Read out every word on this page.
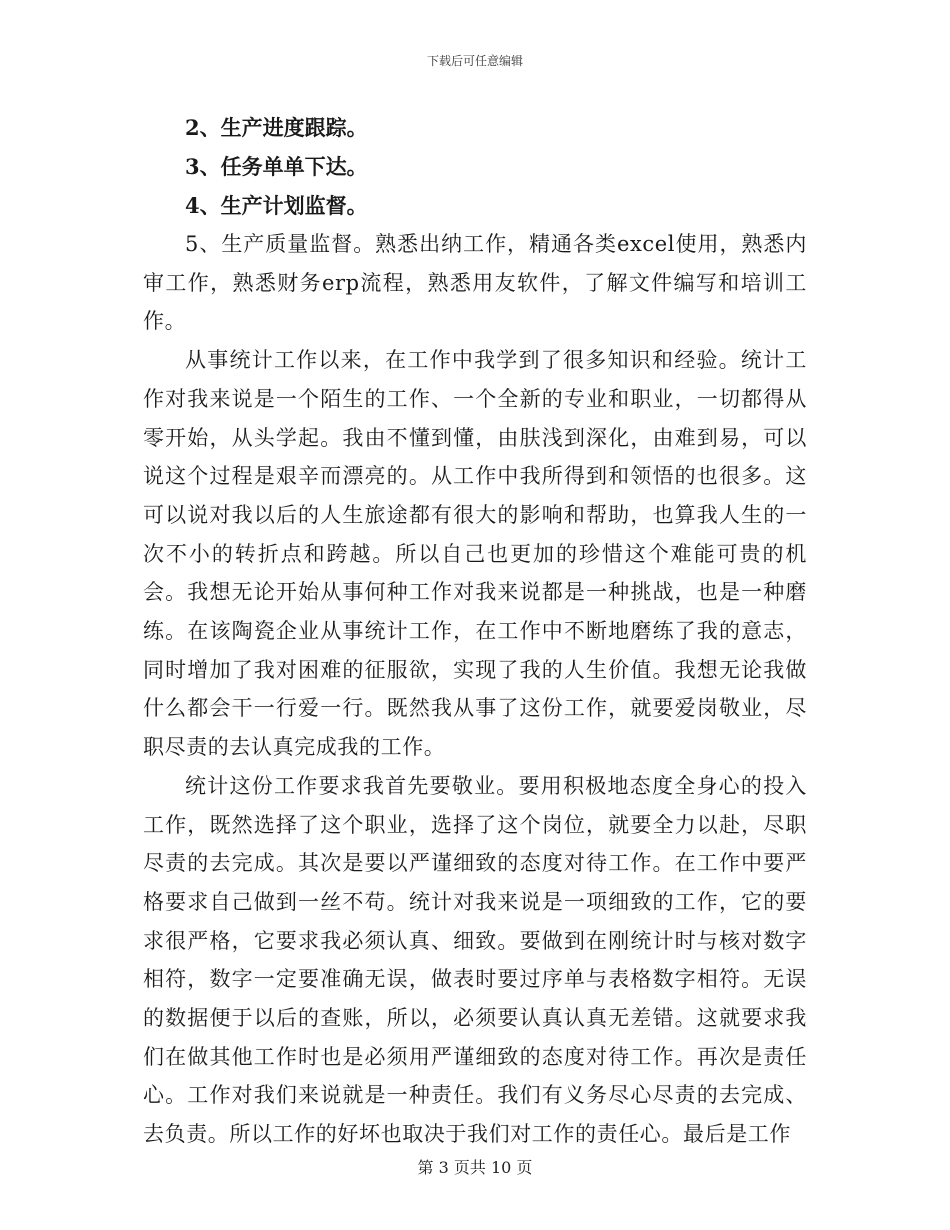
下载后可任意编辑

2、生产进度跟踪。

3、任务单单下达。

4、生产计划监督。

5、生产质量监督。熟悉出纳工作，精通各类excel使用，熟悉内审工作，熟悉财务erp流程，熟悉用友软件，了解文件编写和培训工作。

从事统计工作以来，在工作中我学到了很多知识和经验。统计工作对我来说是一个陌生的工作、一个全新的专业和职业，一切都得从零开始，从头学起。我由不懂到懂，由肤浅到深化，由难到易，可以说这个过程是艰辛而漂亮的。从工作中我所得到和领悟的也很多。这可以说对我以后的人生旅途都有很大的影响和帮助，也算我人生的一次不小的转折点和跨越。所以自己也更加的珍惜这个难能可贵的机会。我想无论开始从事何种工作对我来说都是一种挑战，也是一种磨练。在该陶瓷企业从事统计工作，在工作中不断地磨练了我的意志，同时增加了我对困难的征服欲，实现了我的人生价值。我想无论我做什么都会干一行爱一行。既然我从事了这份工作，就要爱岗敬业，尽职尽责的去认真完成我的工作。

统计这份工作要求我首先要敬业。要用积极地态度全身心的投入工作，既然选择了这个职业，选择了这个岗位，就要全力以赴，尽职尽责的去完成。其次是要以严谨细致的态度对待工作。在工作中要严格要求自己做到一丝不苟。统计对我来说是一项细致的工作，它的要求很严格，它要求我必须认真、细致。要做到在刚统计时与核对数字相符，数字一定要准确无误，做表时要过序单与表格数字相符。无误的数据便于以后的查账，所以，必须要认真认真无差错。这就要求我们在做其他工作时也是必须用严谨细致的态度对待工作。再次是责任心。工作对我们来说就是一种责任。我们有义务尽心尽责的去完成、去负责。所以工作的好坏也取决于我们对工作的责任心。最后是工作

第 3 页共 10 页
